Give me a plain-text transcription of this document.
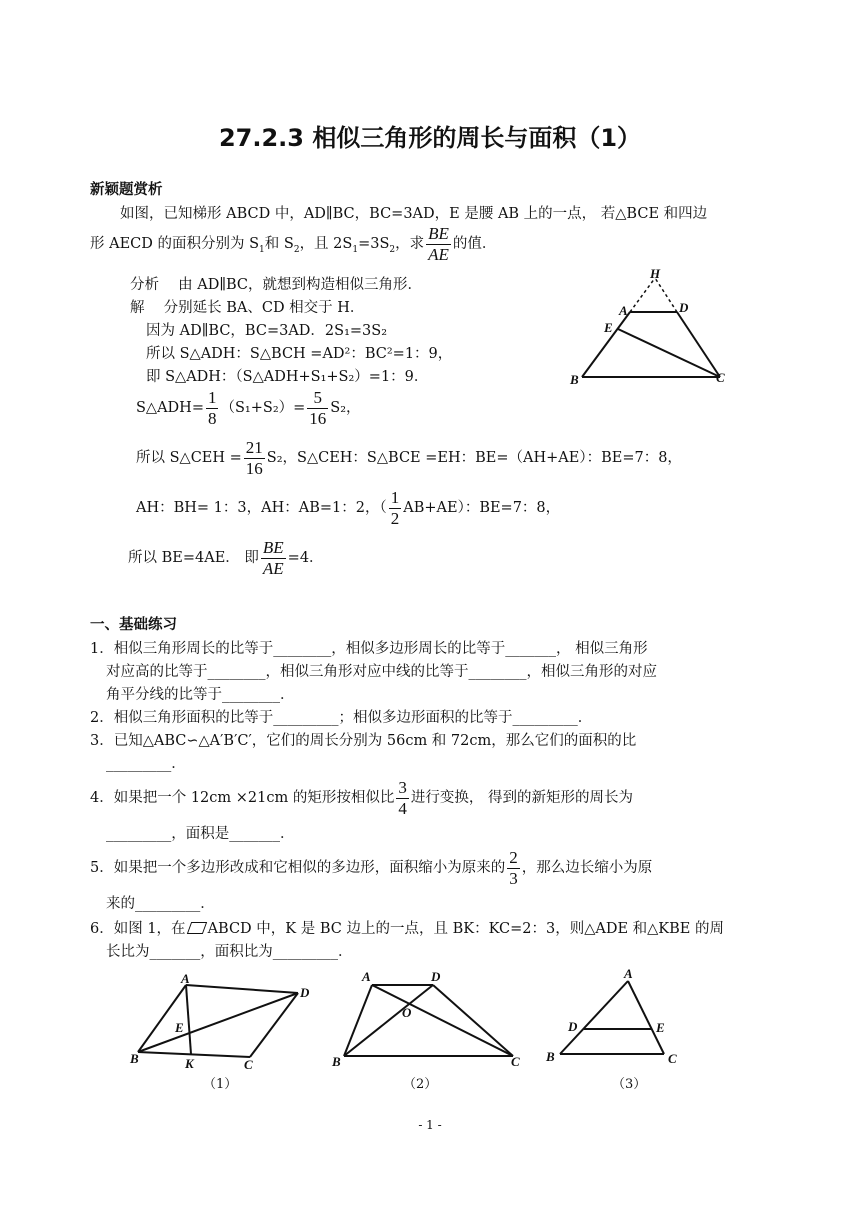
27.2.3 相似三角形的周长与面积（1）
新颖题赏析
如图，已知梯形 ABCD 中，AD∥BC，BC=3AD，E 是腰 AB 上的一点， 若△BCE 和四边
形 AECD 的面积分别为 $S_1$和 $S_2$，且 $2S_1=3S_2$，求 $\frac{BE}{AE}$ 的值．
分析　 由 AD∥BC，就想到构造相似三角形．
解　 分别延长 BA、CD 相交于 H．
因为 AD∥BC，BC=3AD．2S₁=3S₂
所以 S△ADH：S△BCH =AD²：BC²=1：9，
即 S△ADH：（S△ADH+S₁+S₂）=1：9．
S△ADH= $\frac{1}{8} (S_1+S_2)= \frac{5}{16} S_2$，
所以 S△CEH = $\frac{21}{16} S_2$，S△CEH：S△BCE =EH：BE=（AH+AE）：BE=7：8，
AH：BH= 1：3，AH：AB=1：2，（ $\frac{1}{2} AB+AE$）：BE=7：8，
所以 BE=4AE． 即 $\frac{BE}{AE} =4$．
H
A	D
E
B	C
一、基础练习
1．相似三角形周长的比等于________，相似多边形周长的比等于_______， 相似三角形
对应高的比等于________，相似三角形对应中线的比等于________，相似三角形的对应
角平分线的比等于________．
2．相似三角形面积的比等于_________；相似多边形面积的比等于_________．
3．已知△ABC∽△A′B′C′，它们的周长分别为 56cm 和 72cm，那么它们的面积的比
_________．
4．如果把一个 12cm ×21cm 的矩形按相似比 $\frac{3}{4}$ 进行变换， 得到的新矩形的周长为
_________，面积是_______．
5．如果把一个多边形改成和它相似的多边形，面积缩小为原来的 $\frac{2}{3}$ ，那么边长缩小为原
来的_________．
6．如图 1，在 ABCD 中，K 是 BC 边上的一点，且 BK：KC=2：3，则△ADE 和△KBE 的周
长比为_______，面积比为_________．
A
D
E
B	K	C
（1）
A	D
O
B	C
（2）
A
D	E
B	C
（3）
- 1 -
